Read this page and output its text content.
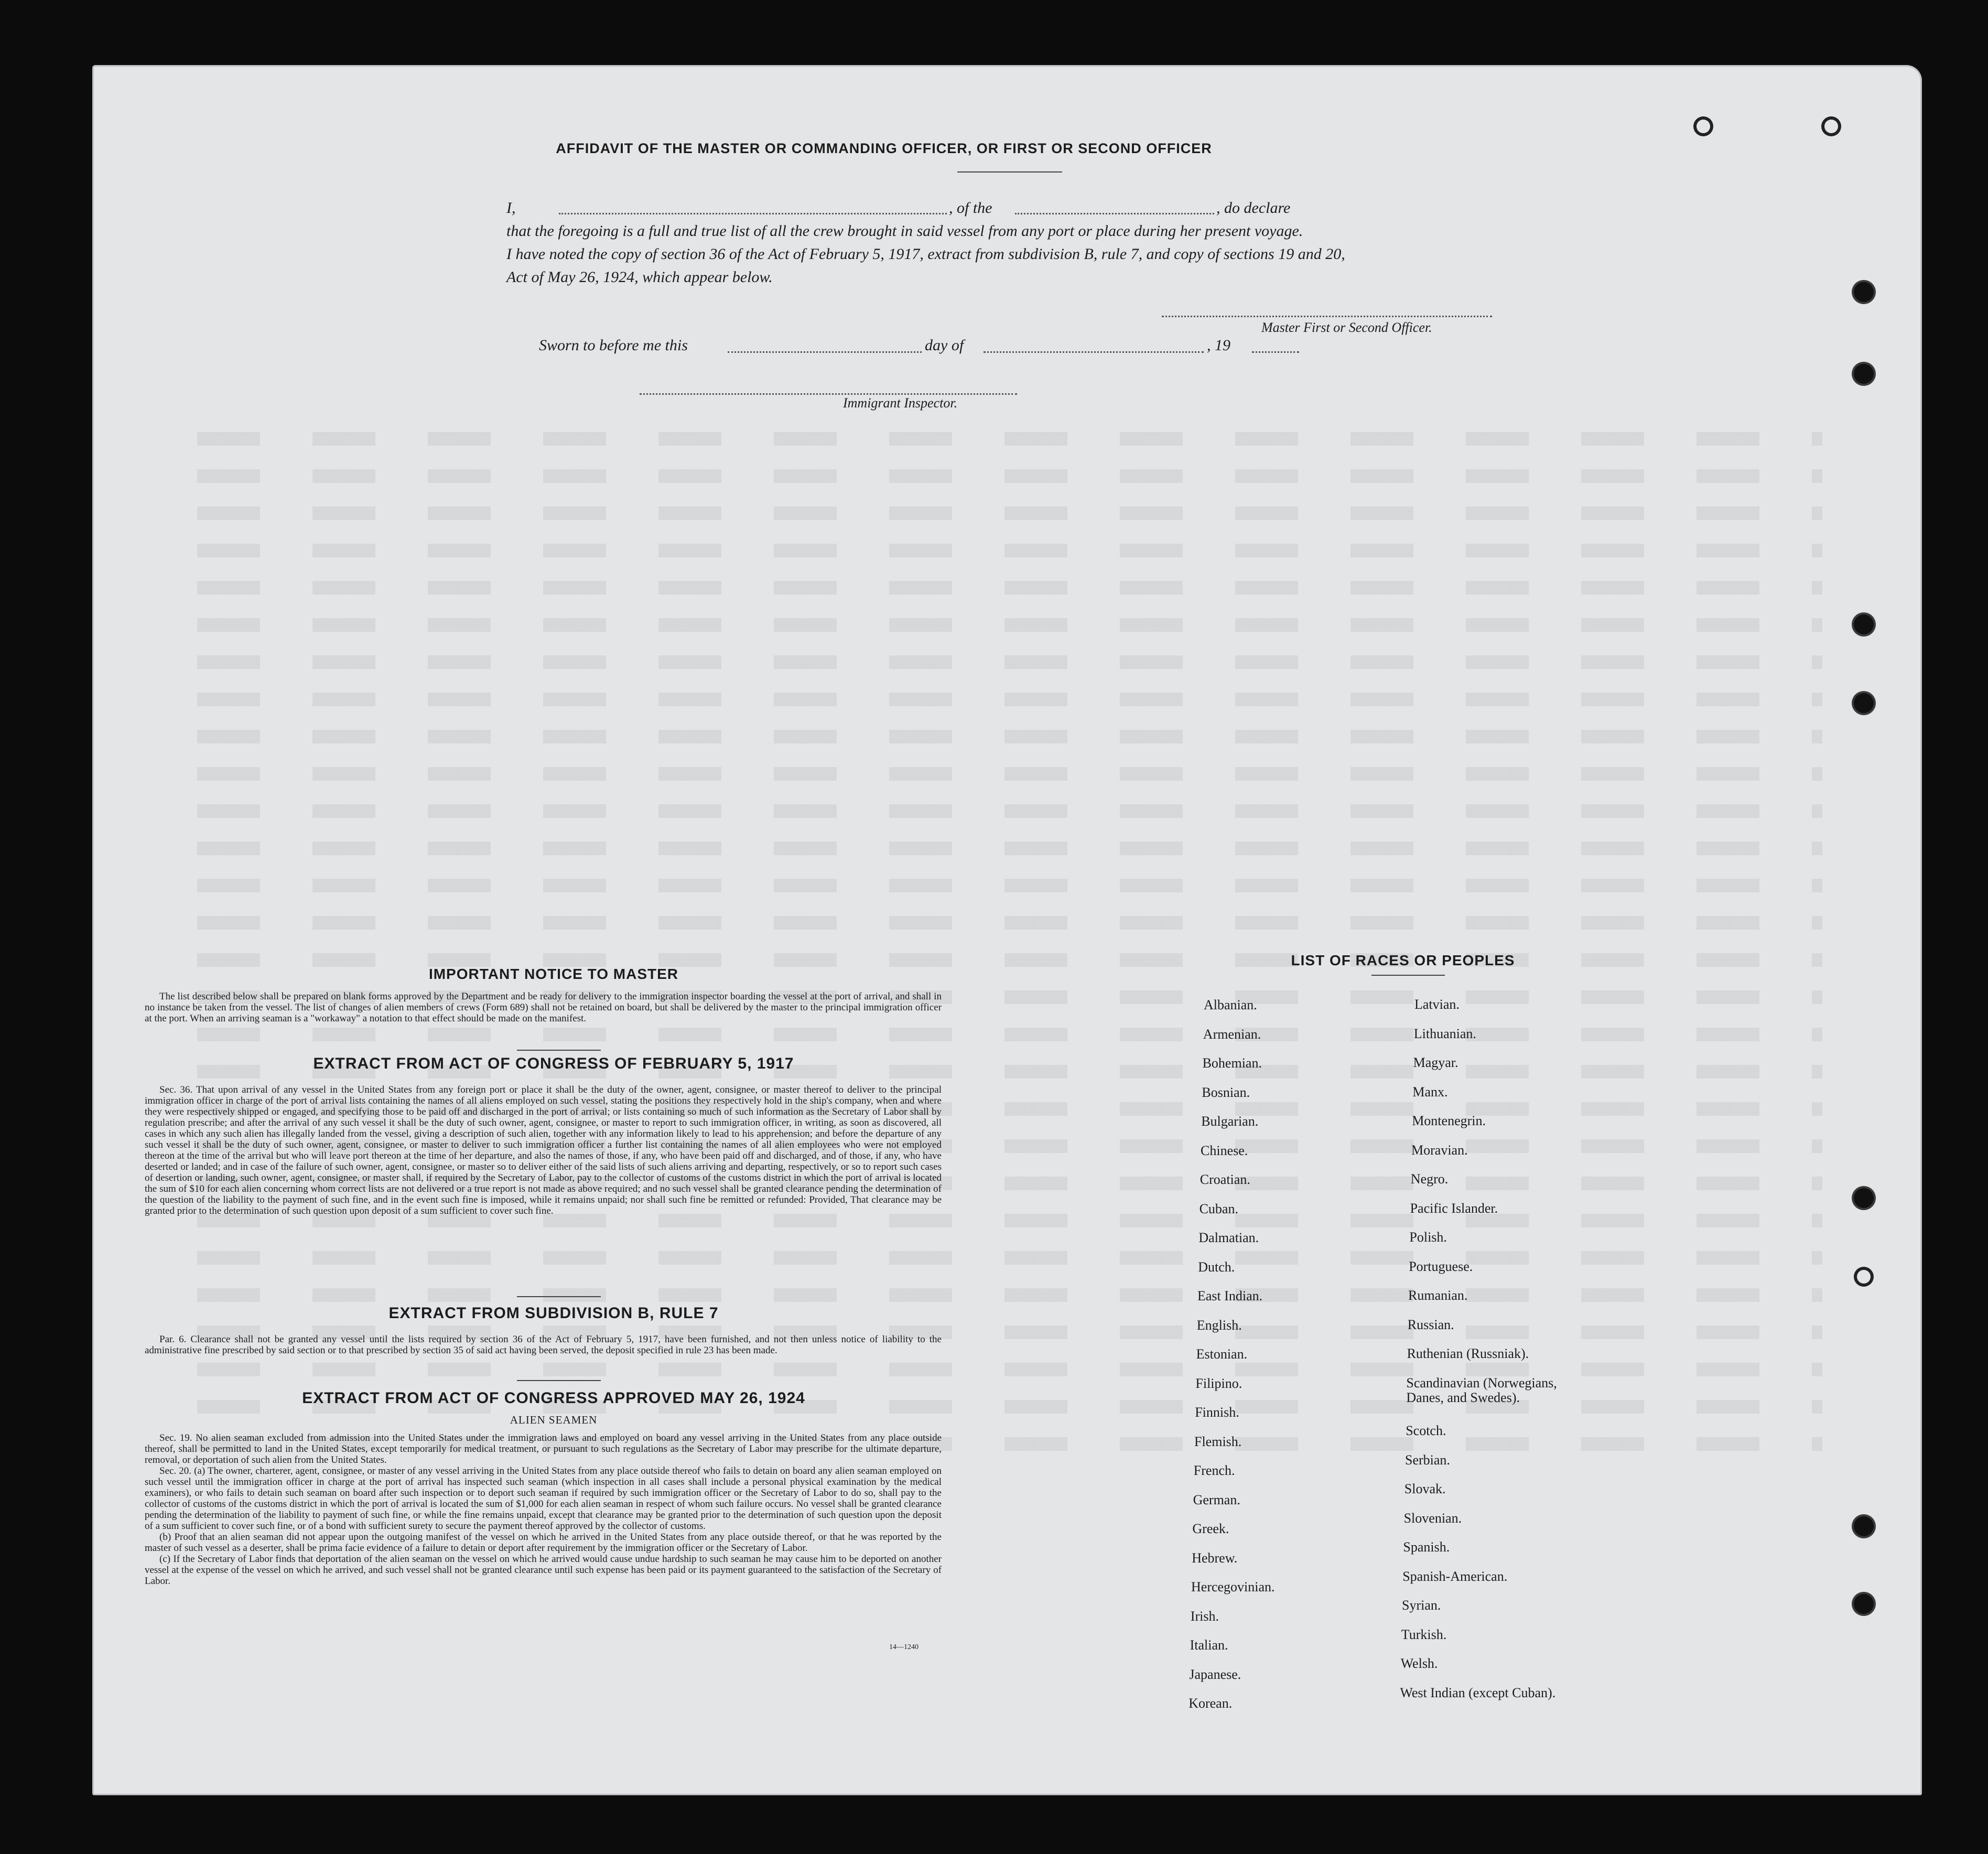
AFFIDAVIT OF THE MASTER OR COMMANDING OFFICER, OR FIRST OR SECOND OFFICER
I,	, of the	, do declare
that the foregoing is a full and true list of all the crew brought in said vessel from any port or place during her present voyage.
I have noted the copy of section 36 of the Act of February 5, 1917, extract from subdivision B, rule 7, and copy of sections 19 and 20,
Act of May 26, 1924, which appear below.
Master First or Second Officer.
Sworn to before me this	day of	, 19
Immigrant Inspector.
IMPORTANT NOTICE TO MASTER

The list described below shall be prepared on blank forms approved by the Department and be ready for delivery to the immigration inspector boarding the vessel at the port of arrival, and shall in no instance be taken from the vessel. The list of changes of alien members of crews (Form 689) shall not be retained on board, but shall be delivered by the master to the principal immigration officer at the port. When an arriving seaman is a "workaway" a notation to that effect should be made on the manifest.

EXTRACT FROM ACT OF CONGRESS OF FEBRUARY 5, 1917

Sec. 36. That upon arrival of any vessel in the United States from any foreign port or place it shall be the duty of the owner, agent, consignee, or master thereof to deliver to the principal immigration officer in charge of the port of arrival lists containing the names of all aliens employed on such vessel, stating the positions they respectively hold in the ship's company, when and where they were respectively shipped or engaged, and specifying those to be paid off and discharged in the port of arrival; or lists containing so much of such information as the Secretary of Labor shall by regulation prescribe; and after the arrival of any such vessel it shall be the duty of such owner, agent, consignee, or master to report to such immigration officer, in writing, as soon as discovered, all cases in which any such alien has illegally landed from the vessel, giving a description of such alien, together with any information likely to lead to his apprehension; and before the departure of any such vessel it shall be the duty of such owner, agent, consignee, or master to deliver to such immigration officer a further list containing the names of all alien employees who were not employed thereon at the time of the arrival but who will leave port thereon at the time of her departure, and also the names of those, if any, who have been paid off and discharged, and of those, if any, who have deserted or landed; and in case of the failure of such owner, agent, consignee, or master so to deliver either of the said lists of such aliens arriving and departing, respectively, or so to report such cases of desertion or landing, such owner, agent, consignee, or master shall, if required by the Secretary of Labor, pay to the collector of customs of the customs district in which the port of arrival is located the sum of $10 for each alien concerning whom correct lists are not delivered or a true report is not made as above required; and no such vessel shall be granted clearance pending the determination of the question of the liability to the payment of such fine, and in the event such fine is imposed, while it remains unpaid; nor shall such fine be remitted or refunded: Provided, That clearance may be granted prior to the determination of such question upon deposit of a sum sufficient to cover such fine.

EXTRACT FROM SUBDIVISION B, RULE 7

Par. 6. Clearance shall not be granted any vessel until the lists required by section 36 of the Act of February 5, 1917, have been furnished, and not then unless notice of liability to the administrative fine prescribed by said section or to that prescribed by section 35 of said act having been served, the deposit specified in rule 23 has been made.

EXTRACT FROM ACT OF CONGRESS APPROVED MAY 26, 1924
ALIEN SEAMEN

Sec. 19. No alien seaman excluded from admission into the United States under the immigration laws and employed on board any vessel arriving in the United States from any place outside thereof, shall be permitted to land in the United States, except temporarily for medical treatment, or pursuant to such regulations as the Secretary of Labor may prescribe for the ultimate departure, removal, or deportation of such alien from the United States.

Sec. 20. (a) The owner, charterer, agent, consignee, or master of any vessel arriving in the United States from any place outside thereof who fails to detain on board any alien seaman employed on such vessel until the immigration officer in charge at the port of arrival has inspected such seaman (which inspection in all cases shall include a personal physical examination by the medical examiners), or who fails to detain such seaman on board after such inspection or to deport such seaman if required by such immigration officer or the Secretary of Labor to do so, shall pay to the collector of customs of the customs district in which the port of arrival is located the sum of $1,000 for each alien seaman in respect of whom such failure occurs. No vessel shall be granted clearance pending the determination of the liability to payment of such fine, or while the fine remains unpaid, except that clearance may be granted prior to the determination of such question upon the deposit of a sum sufficient to cover such fine, or of a bond with sufficient surety to secure the payment thereof approved by the collector of customs.

(b) Proof that an alien seaman did not appear upon the outgoing manifest of the vessel on which he arrived in the United States from any place outside thereof, or that he was reported by the master of such vessel as a deserter, shall be prima facie evidence of a failure to detain or deport after requirement by the immigration officer or the Secretary of Labor.

(c) If the Secretary of Labor finds that deportation of the alien seaman on the vessel on which he arrived would cause undue hardship to such seaman he may cause him to be deported on another vessel at the expense of the vessel on which he arrived, and such vessel shall not be granted clearance until such expense has been paid or its payment guaranteed to the satisfaction of the Secretary of Labor.

14—1240
LIST OF RACES OR PEOPLES
Albanian.
Armenian.
Bohemian.
Bosnian.
Bulgarian.
Chinese.
Croatian.
Cuban.
Dalmatian.
Dutch.
East Indian.
English.
Estonian.
Filipino.
Finnish.
Flemish.
French.
German.
Greek.
Hebrew.
Hercegovinian.
Irish.
Italian.
Japanese.
Korean.
Latvian.
Lithuanian.
Magyar.
Manx.
Montenegrin.
Moravian.
Negro.
Pacific Islander.
Polish.
Portuguese.
Rumanian.
Russian.
Ruthenian (Russniak).
Scandinavian (Norwegians,
Danes, and Swedes).
Scotch.
Serbian.
Slovak.
Slovenian.
Spanish.
Spanish-American.
Syrian.
Turkish.
Welsh.
West Indian (except Cuban).
